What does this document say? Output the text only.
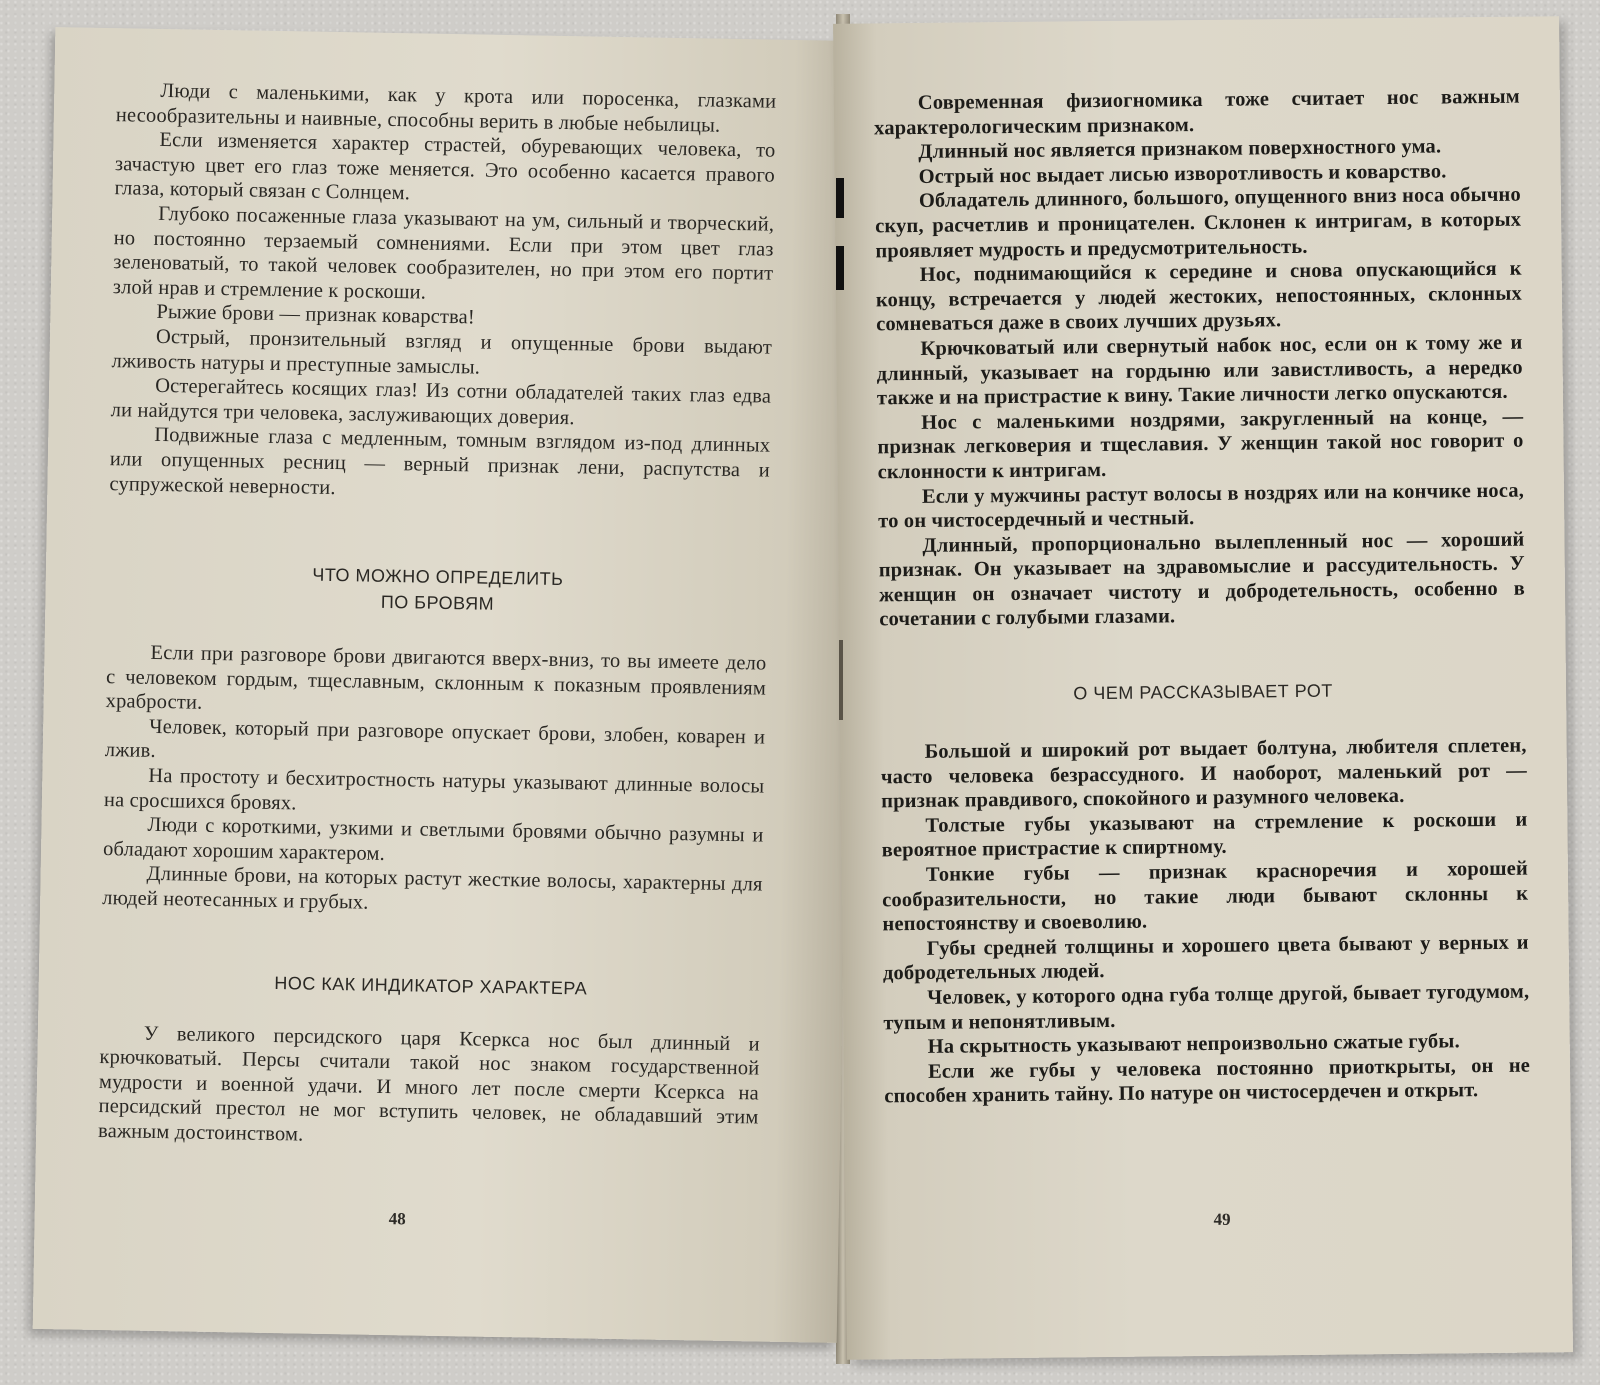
Люди с маленькими, как у крота или поросенка, глазками несообразительны и наивные, способны верить в любые небылицы.

Если изменяется характер страстей, обуревающих человека, то зачастую цвет его глаз тоже меняется. Это особенно касается правого глаза, который связан с Солнцем.

Глубоко посаженные глаза указывают на ум, сильный и творческий, но постоянно терзаемый сомнениями. Если при этом цвет глаз зеленоватый, то такой человек сообразителен, но при этом его портит злой нрав и стремление к роскоши.

Рыжие брови — признак коварства!

Острый, пронзительный взгляд и опущенные брови выдают лживость натуры и преступные замыслы.

Остерегайтесь косящих глаз! Из сотни обладателей таких глаз едва ли найдутся три человека, заслуживающих доверия.

Подвижные глаза с медленным, томным взглядом из-под длинных или опущенных ресниц — верный признак лени, распутства и супружеской неверности.

ЧТО МОЖНО ОПРЕДЕЛИТЬ
ПО БРОВЯМ

Если при разговоре брови двигаются вверх-вниз, то вы имеете дело с человеком гордым, тщеславным, склонным к показным проявлениям храбрости.

Человек, который при разговоре опускает брови, злобен, коварен и лжив.

На простоту и бесхитростность натуры указывают длинные волосы на сросшихся бровях.

Люди с короткими, узкими и светлыми бровями обычно разумны и обладают хорошим характером.

Длинные брови, на которых растут жесткие волосы, характерны для людей неотесанных и грубых.

НОС КАК ИНДИКАТОР ХАРАКТЕРА

У великого персидского царя Ксеркса нос был длинный и крючковатый. Персы считали такой нос знаком государственной мудрости и военной удачи. И много лет после смерти Ксеркса на персидский престол не мог вступить человек, не обладавший этим важным достоинством.

48

Современная физиогномика тоже считает нос важным характерологическим признаком.

Длинный нос является признаком поверхностного ума.

Острый нос выдает лисью изворотливость и коварство.

Обладатель длинного, большого, опущенного вниз носа обычно скуп, расчетлив и проницателен. Склонен к интригам, в которых проявляет мудрость и предусмотрительность.

Нос, поднимающийся к середине и снова опускающийся к концу, встречается у людей жестоких, непостоянных, склонных сомневаться даже в своих лучших друзьях.

Крючковатый или свернутый набок нос, если он к тому же и длинный, указывает на гордыню или завистливость, а нередко также и на пристрастие к вину. Такие личности легко опускаются.

Нос с маленькими ноздрями, закругленный на конце, — признак легковерия и тщеславия. У женщин такой нос говорит о склонности к интригам.

Если у мужчины растут волосы в ноздрях или на кончике носа, то он чистосердечный и честный.

Длинный, пропорционально вылепленный нос — хороший признак. Он указывает на здравомыслие и рассудительность. У женщин он означает чистоту и добродетельность, особенно в сочетании с голубыми глазами.

О ЧЕМ РАССКАЗЫВАЕТ РОТ

Большой и широкий рот выдает болтуна, любителя сплетен, часто человека безрассудного. И наоборот, маленький рот — признак правдивого, спокойного и разумного человека.

Толстые губы указывают на стремление к роскоши и вероятное пристрастие к спиртному.

Тонкие губы — признак красноречия и хорошей сообразительности, но такие люди бывают склонны к непостоянству и своеволию.

Губы средней толщины и хорошего цвета бывают у верных и добродетельных людей.

Человек, у которого одна губа толще другой, бывает тугодумом, тупым и непонятливым.

На скрытность указывают непроизвольно сжатые губы.

Если же губы у человека постоянно приоткрыты, он не способен хранить тайну. По натуре он чистосердечен и открыт.

49
